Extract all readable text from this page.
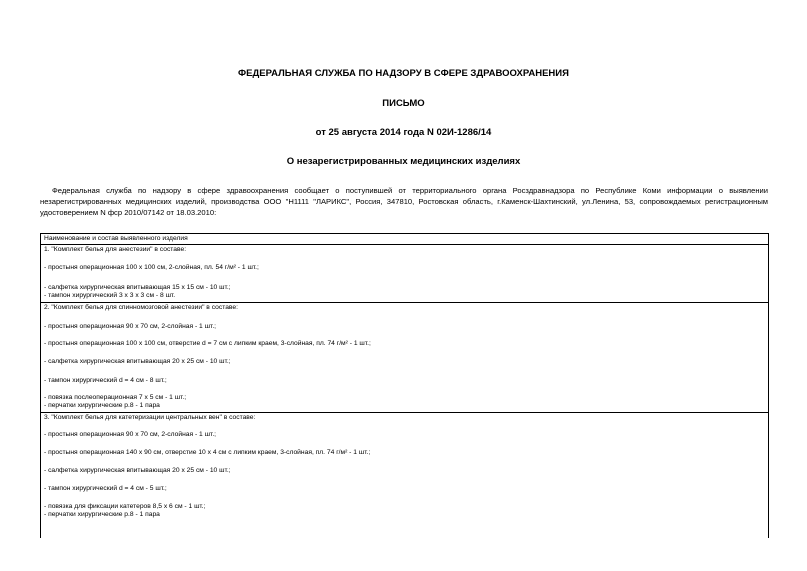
ФЕДЕРАЛЬНАЯ СЛУЖБА ПО НАДЗОРУ В СФЕРЕ ЗДРАВООХРАНЕНИЯ
ПИСЬМО
от 25 августа 2014 года N 02И-1286/14
О незарегистрированных медицинских изделиях

Федеральная служба по надзору в сфере здравоохранения сообщает о поступившей от территориального органа Росздравнадзора по Республике Коми информации о выявлении незарегистрированных медицинских изделий, производства ООО "Н1111 "ЛАРИКС", Россия, 347810, Ростовская область, г.Каменск-Шахтинский, ул.Ленина, 53, сопровождаемых регистрационным удостоверением N фср 2010/07142 от 18.03.2010:

Наименование и состав выявленного изделия
1. "Комплект белья для анестезии" в составе:
- простыня операционная 100 x 100 см, 2-слойная, пл. 54 г/м² - 1 шт.;
- салфетка хирургическая впитывающая 15 x 15 см - 10 шт.;
- тампон хирургический 3 x 3 x 3 см - 8 шт.
2. "Комплект белья для спинномозговой анестезии" в составе:
- простыня операционная 90 x 70 см, 2-слойная - 1 шт.;
- простыня операционная 100 x 100 см, отверстие d = 7 см с липким краем, 3-слойная, пл. 74 г/м² - 1 шт.;
- салфетка хирургическая впитывающая 20 x 25 см - 10 шт.;
- тампон хирургический d = 4 см - 8 шт.;
- повязка послеоперационная 7 x 5 см - 1 шт.;
- перчатки хирургические р.8 - 1 пара
3. "Комплект белья для катетеризации центральных вен" в составе:
- простыня операционная 90 x 70 см, 2-слойная - 1 шт.;
- простыня операционная 140 x 90 см, отверстие 10 x 4 см с липким краем, 3-слойная, пл. 74 г/м² - 1 шт.;
- салфетка хирургическая впитывающая 20 x 25 см - 10 шт.;
- тампон хирургический d = 4 см - 5 шт.;
- повязка для фиксации катетеров 8,5 x 6 см - 1 шт.;
- перчатки хирургические р.8 - 1 пара
